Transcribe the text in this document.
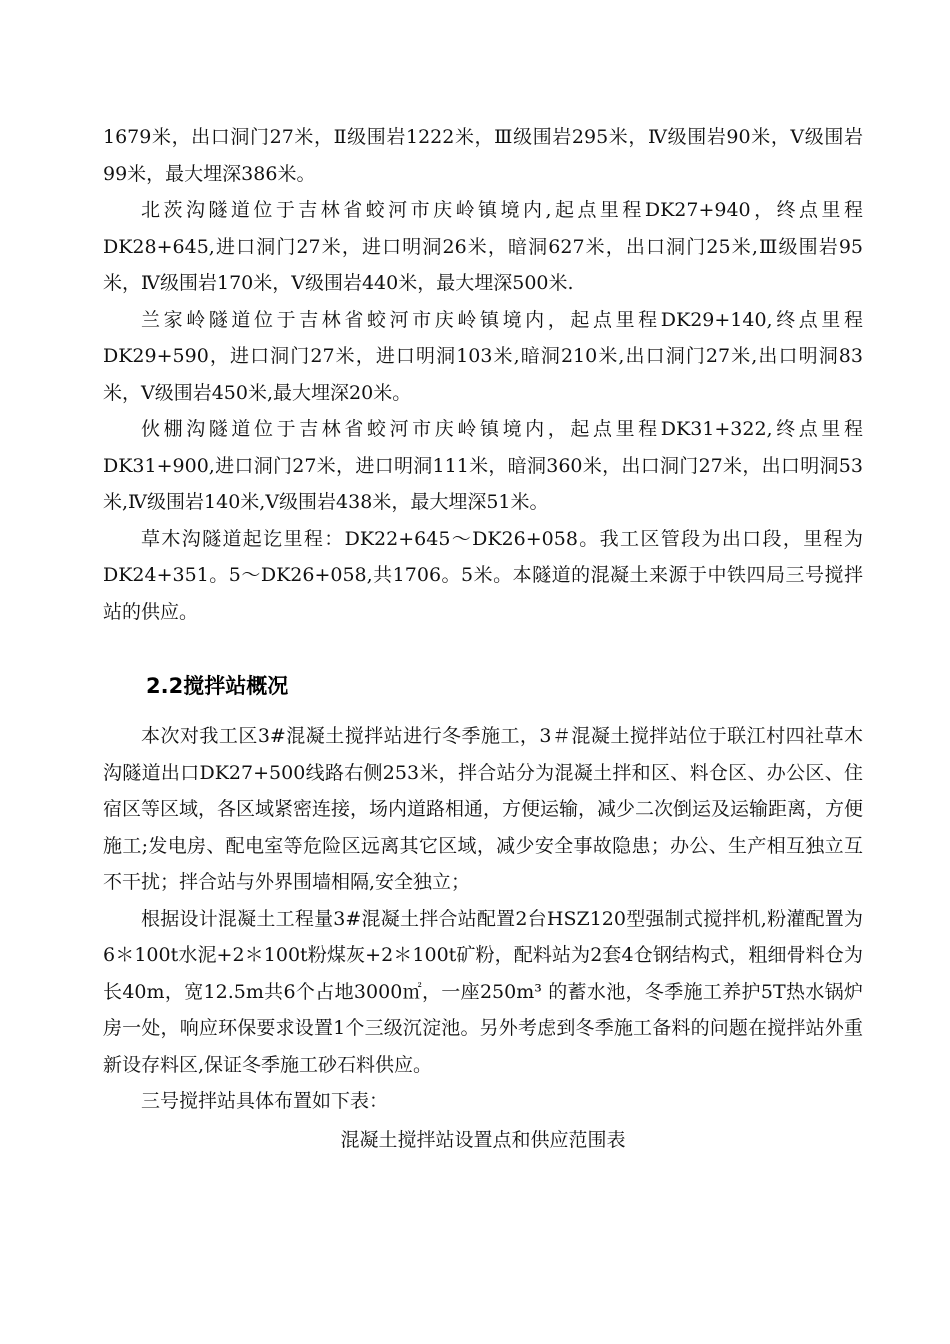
1679米，出口洞门27米，Ⅱ级围岩1222米，Ⅲ级围岩295米，Ⅳ级围岩90米，Ⅴ级围岩99米，最大埋深386米。

北茨沟隧道位于吉林省蛟河市庆岭镇境内,起点里程DK27+940，终点里程DK28+645,进口洞门27米，进口明洞26米，暗洞627米，出口洞门25米,Ⅲ级围岩95米，Ⅳ级围岩170米，Ⅴ级围岩440米，最大埋深500米.

兰家岭隧道位于吉林省蛟河市庆岭镇境内，起点里程DK29+140,终点里程DK29+590，进口洞门27米，进口明洞103米,暗洞210米,出口洞门27米,出口明洞83米，Ⅴ级围岩450米,最大埋深20米。

伙棚沟隧道位于吉林省蛟河市庆岭镇境内，起点里程DK31+322,终点里程DK31+900,进口洞门27米，进口明洞111米，暗洞360米，出口洞门27米，出口明洞53米,Ⅳ级围岩140米,Ⅴ级围岩438米，最大埋深51米。

草木沟隧道起讫里程：DK22+645～DK26+058。我工区管段为出口段，里程为DK24+351。5～DK26+058,共1706。5米。本隧道的混凝土来源于中铁四局三号搅拌站的供应。

2.2搅拌站概况

本次对我工区3#混凝土搅拌站进行冬季施工，3＃混凝土搅拌站位于联江村四社草木沟隧道出口DK27+500线路右侧253米，拌合站分为混凝土拌和区、料仓区、办公区、住宿区等区域，各区域紧密连接，场内道路相通，方便运输，减少二次倒运及运输距离，方便施工;发电房、配电室等危险区远离其它区域，减少安全事故隐患；办公、生产相互独立互不干扰；拌合站与外界围墙相隔,安全独立；

根据设计混凝土工程量3#混凝土拌合站配置2台HSZ120型强制式搅拌机,粉灌配置为6＊100t水泥+2＊100t粉煤灰+2＊100t矿粉，配料站为2套4仓钢结构式，粗细骨料仓为长40m，宽12.5m共6个占地3000㎡，一座250m³ 的蓄水池，冬季施工养护5T热水锅炉房一处，响应环保要求设置1个三级沉淀池。另外考虑到冬季施工备料的问题在搅拌站外重新设存料区,保证冬季施工砂石料供应。

三号搅拌站具体布置如下表：

混凝土搅拌站设置点和供应范围表
